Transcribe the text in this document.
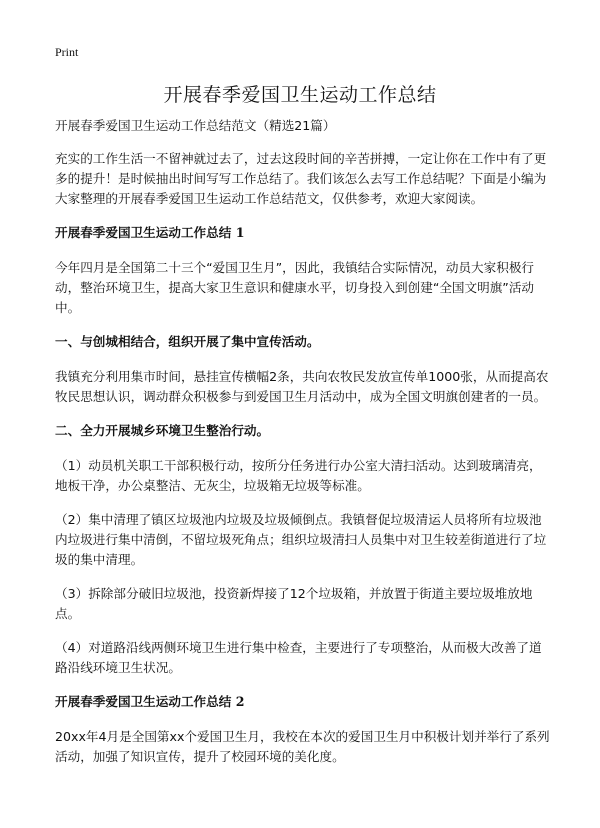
Print
开展春季爱国卫生运动工作总结

开展春季爱国卫生运动工作总结范文（精选21篇）

充实的工作生活一不留神就过去了，过去这段时间的辛苦拼搏，一定让你在工作中有了更多的提升！是时候抽出时间写写工作总结了。我们该怎么去写工作总结呢？下面是小编为大家整理的开展春季爱国卫生运动工作总结范文，仅供参考，欢迎大家阅读。

开展春季爱国卫生运动工作总结 1

今年四月是全国第二十三个“爱国卫生月”，因此，我镇结合实际情况，动员大家积极行动，整治环境卫生，提高大家卫生意识和健康水平，切身投入到创建“全国文明旗”活动中。

一、与创城相结合，组织开展了集中宣传活动。

我镇充分利用集市时间，悬挂宣传横幅2条，共向农牧民发放宣传单1000张，从而提高农牧民思想认识，调动群众积极参与到爱国卫生月活动中，成为全国文明旗创建者的一员。

二、全力开展城乡环境卫生整治行动。

（1）动员机关职工干部积极行动，按所分任务进行办公室大清扫活动。达到玻璃清亮，地板干净，办公桌整洁、无灰尘，垃圾箱无垃圾等标准。

（2）集中清理了镇区垃圾池内垃圾及垃圾倾倒点。我镇督促垃圾清运人员将所有垃圾池内垃圾进行集中清倒，不留垃圾死角点；组织垃圾清扫人员集中对卫生较差街道进行了垃圾的集中清理。

（3）拆除部分破旧垃圾池，投资新焊接了12个垃圾箱，并放置于街道主要垃圾堆放地点。

（4）对道路沿线两侧环境卫生进行集中检查，主要进行了专项整治，从而极大改善了道路沿线环境卫生状况。

开展春季爱国卫生运动工作总结 2

20xx年4月是全国第xx个爱国卫生月，我校在本次的爱国卫生月中积极计划并举行了系列活动，加强了知识宣传，提升了校园环境的美化度。
